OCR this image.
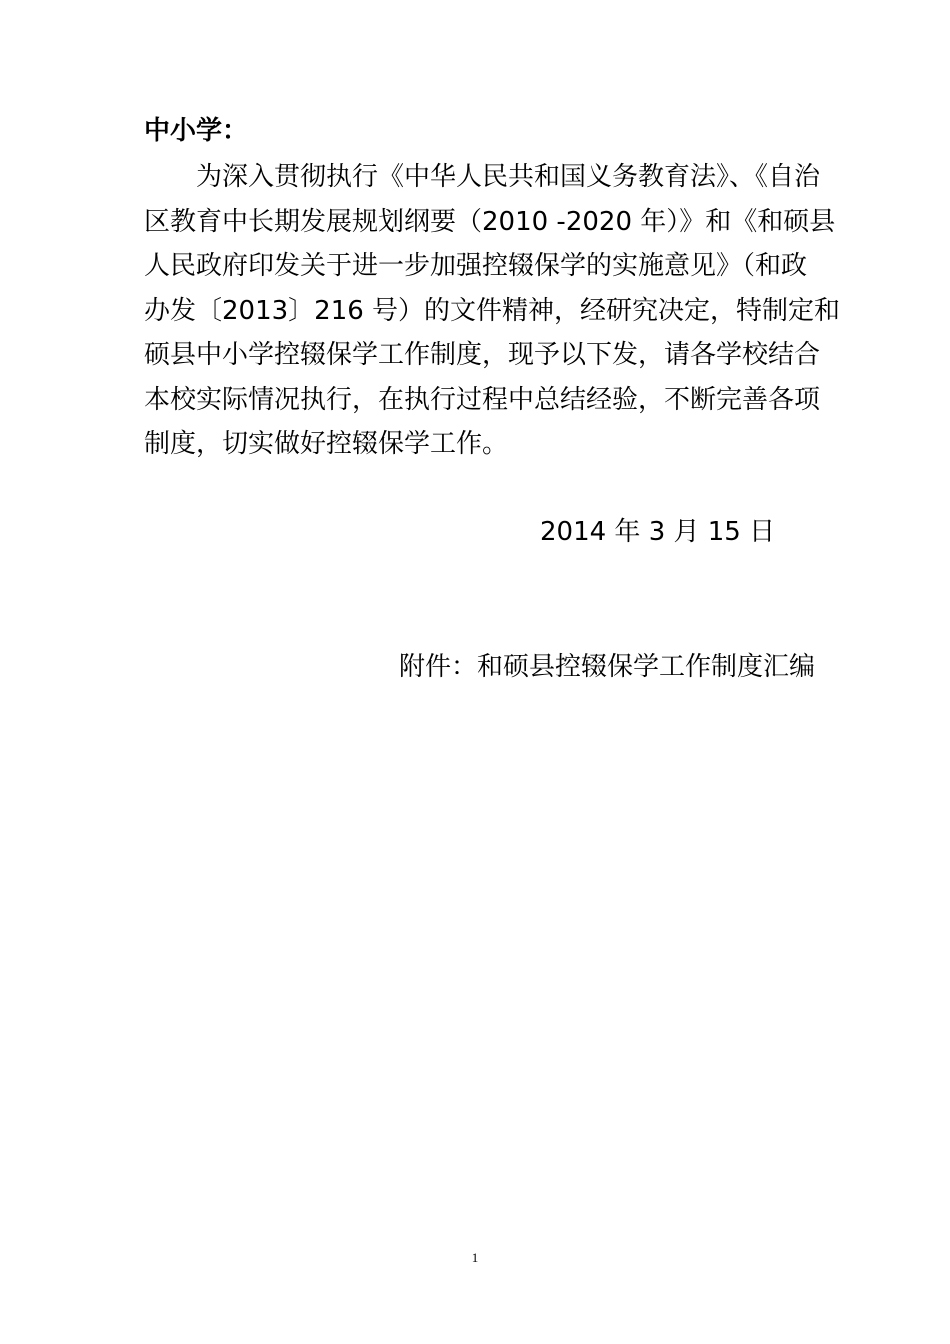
中小学：
为深入贯彻执行《中华人民共和国义务教育法》、《自治
区教育中长期发展规划纲要（2010 -2020 年）》和《和硕县
人民政府印发关于进一步加强控辍保学的实施意见》（和政
办发〔2013〕216 号）的文件精神，经研究决定，特制定和
硕县中小学控辍保学工作制度，现予以下发，请各学校结合
本校实际情况执行，在执行过程中总结经验，不断完善各项
制度，切实做好控辍保学工作。
2014 年 3 月 15 日
附件：和硕县控辍保学工作制度汇编
1
